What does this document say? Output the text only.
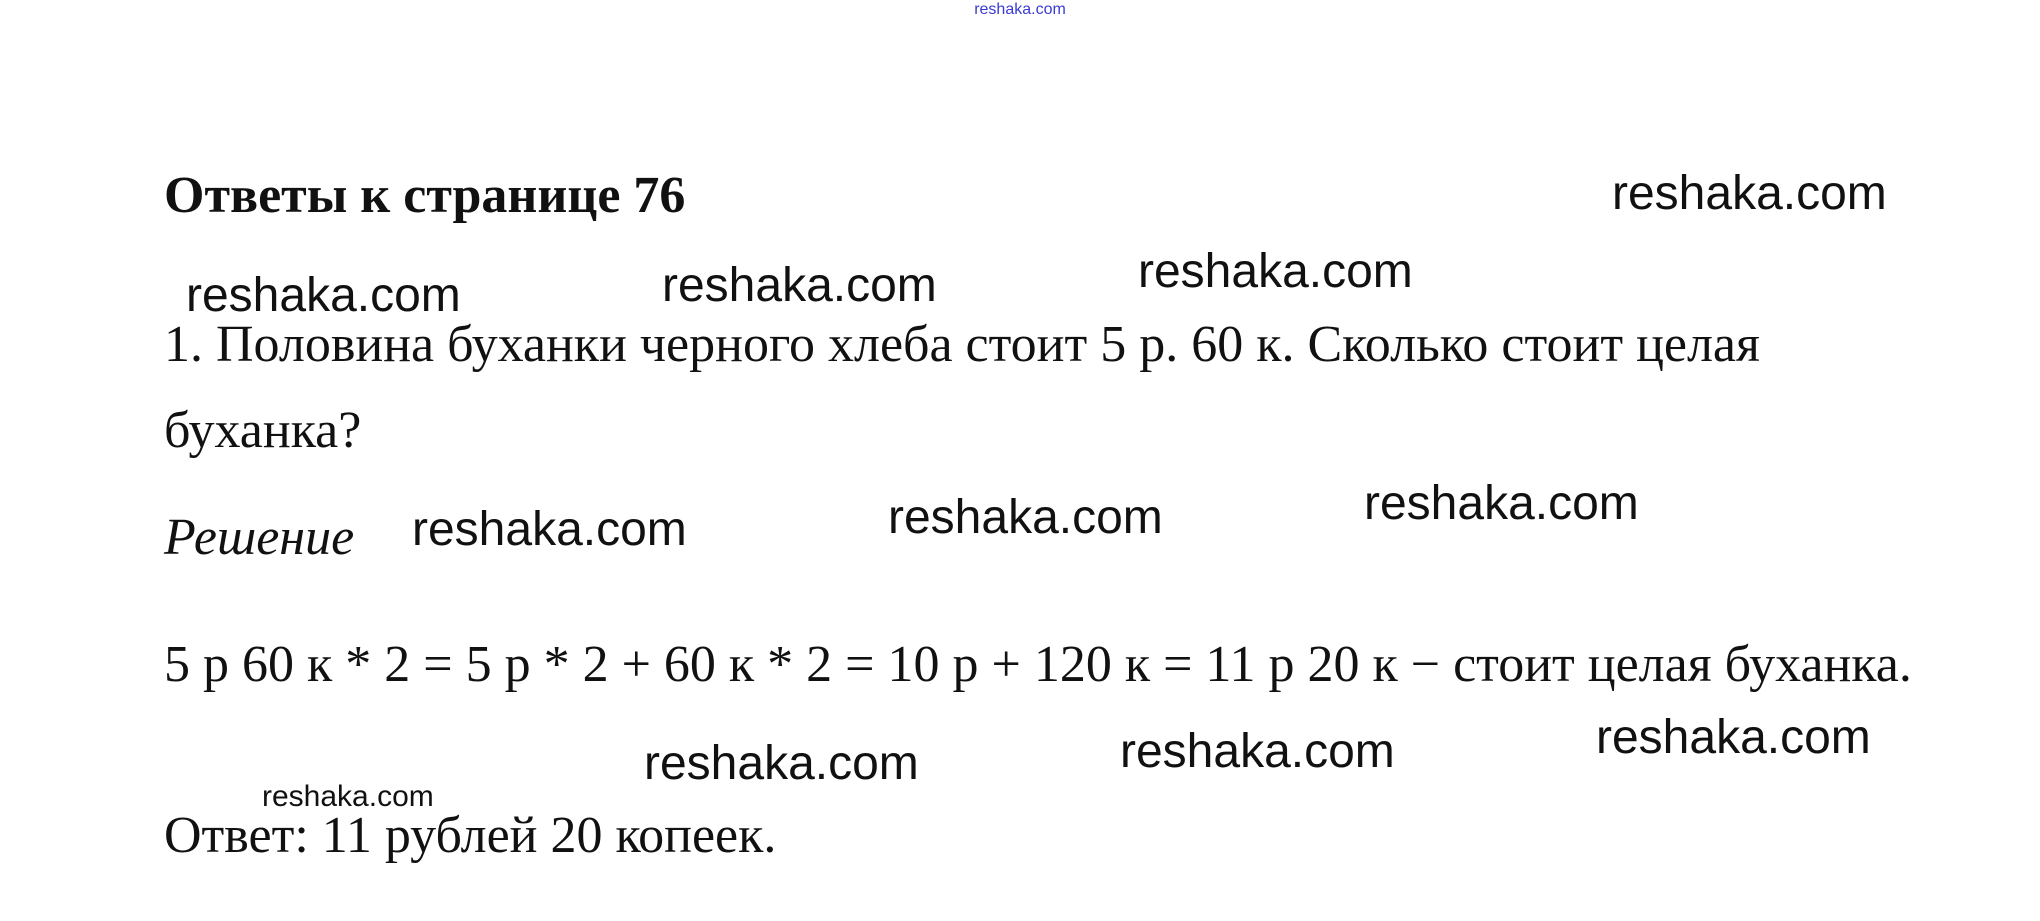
reshaka.com
Ответы к странице 76
1. Половина буханки черного хлеба стоит 5 р. 60 к. Сколько стоит целая буханка?
Решение
5 р 60 к * 2 = 5 р * 2 + 60 к * 2 = 10 р + 120 к = 11 р 20 к − стоит целая буханка.
Ответ: 11 рублей 20 копеек.
reshaka.com
reshaka.com	reshaka.com	reshaka.com
reshaka.com	reshaka.com	reshaka.com
reshaka.com	reshaka.com	reshaka.com
reshaka.com
